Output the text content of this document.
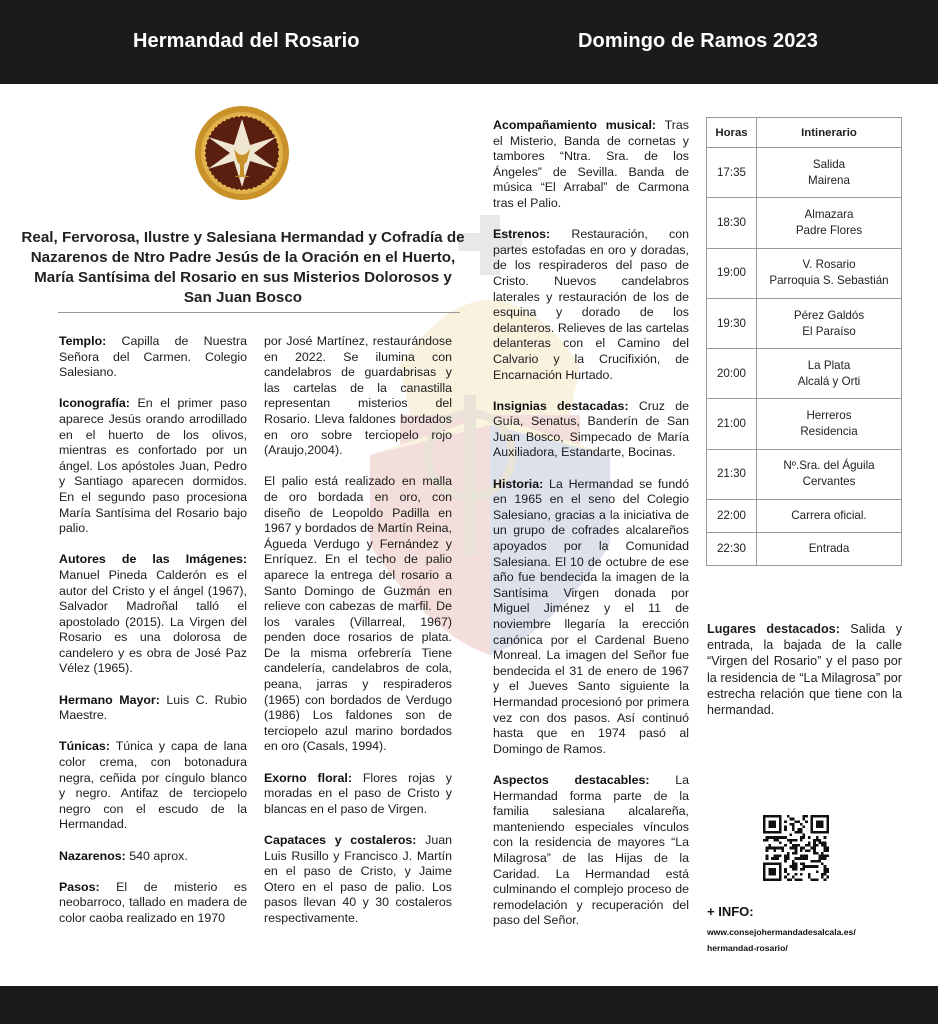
Hermandad del Rosario	Domingo de Ramos 2023
Real, Fervorosa, Ilustre y Salesiana Hermandad y Cofradía de Nazarenos de Ntro Padre Jesús de la Oración en el Huerto, María Santísima del Rosario en sus Misterios Dolorosos y San Juan Bosco

Templo: Capilla de Nuestra Señora del Carmen. Colegio Salesiano.

Iconografía: En el primer paso aparece Jesús orando arrodillado en el huerto de los olivos, mientras es confortado por un ángel. Los apóstoles Juan, Pedro y Santiago aparecen dormidos. En el segundo paso procesiona María Santísima del Rosario bajo palio.

Autores de las Imágenes: Manuel Pineda Calderón es el autor del Cristo y el ángel (1967), Salvador Madroñal talló el apostolado (2015). La Virgen del Rosario es una dolorosa de candelero y es obra de José Paz Vélez (1965).

Hermano Mayor: Luis C. Rubio Maestre.

Túnicas: Túnica y capa de lana color crema, con botonadura negra, ceñida por cíngulo blanco y negro. Antifaz de terciopelo negro con el escudo de la Hermandad.

Nazarenos: 540 aprox.

Pasos: El de misterio es neobarroco, tallado en madera de color caoba realizado en 1970

por José Martínez, restaurándose en 2022. Se ilumina con candelabros de guardabrisas y las cartelas de la canastilla representan misterios del Rosario. Lleva faldones bordados en oro sobre terciopelo rojo (Araujo,2004).

El palio está realizado en malla de oro bordada en oro, con diseño de Leopoldo Padilla en 1967 y bordados de Martín Reina, Águeda Verdugo y Fernández y Enríquez. En el techo de palio aparece la entrega del rosario a Santo Domingo de Guzmán en relieve con cabezas de marfil. De los varales (Villarreal, 1967) penden doce rosarios de plata. De la misma orfebrería Tiene candelería, candelabros de cola, peana, jarras y respiraderos (1965) con bordados de Verdugo (1986) Los faldones son de terciopelo azul marino bordados en oro (Casals, 1994).

Exorno floral: Flores rojas y moradas en el paso de Cristo y blancas en el paso de Virgen.

Capataces y costaleros: Juan Luis Rusillo y Francisco J. Martín en el paso de Cristo, y Jaime Otero en el paso de palio. Los pasos llevan 40 y 30 costaleros respectivamente.

Acompañamiento musical: Tras el Misterio, Banda de cornetas y tambores “Ntra. Sra. de los Ángeles” de Sevilla. Banda de música “El Arrabal” de Carmona tras el Palio.

Estrenos: Restauración, con partes estofadas en oro y doradas, de los respiraderos del paso de Cristo. Nuevos candelabros laterales y restauración de los de esquina y dorado de los delanteros. Relieves de las cartelas delanteras con el Camino del Calvario y la Crucifixión, de Encarnación Hurtado.

Insignias destacadas: Cruz de Guía, Senatus, Banderín de San Juan Bosco, Simpecado de María Auxiliadora, Estandarte, Bocinas.

Historia: La Hermandad se fundó en 1965 en el seno del Colegio Salesiano, gracias a la iniciativa de un grupo de cofrades alcalareños apoyados por la Comunidad Salesiana. El 10 de octubre de ese año fue bendecida la imagen de la Santísima Virgen donada por Miguel Jiménez y el 11 de noviembre llegaría la erección canónica por el Cardenal Bueno Monreal. La imagen del Señor fue bendecida el 31 de enero de 1967 y el Jueves Santo siguiente la Hermandad procesionó por primera vez con dos pasos. Así continuó hasta que en 1974 pasó al Domingo de Ramos.

Aspectos destacables: La Hermandad forma parte de la familia salesiana alcalareña, manteniendo especiales vínculos con la residencia de mayores “La Milagrosa” de las Hijas de la Caridad. La Hermandad está culminando el complejo proceso de remodelación y recuperación del paso del Señor.

Horas	Intinerario
17:35	Salida
Mairena

18:30	Almazara
Padre Flores

19:00	V. Rosario
Parroquia S. Sebastián

19:30	Pérez Galdós
El Paraíso

20:00	La Plata
Alcalá y Orti

21:00	Herreros
Residencia

21:30	Nº.Sra. del Águila
Cervantes

22:00	Carrera oficial.

22:30	Entrada
Lugares destacados: Salida y entrada, la bajada de la calle “Virgen del Rosario” y el paso por la residencia de “La Milagrosa” por estrecha relación que tiene con la hermandad.
+ INFO:
www.consejohermandadesalcala.es/
hermandad-rosario/
